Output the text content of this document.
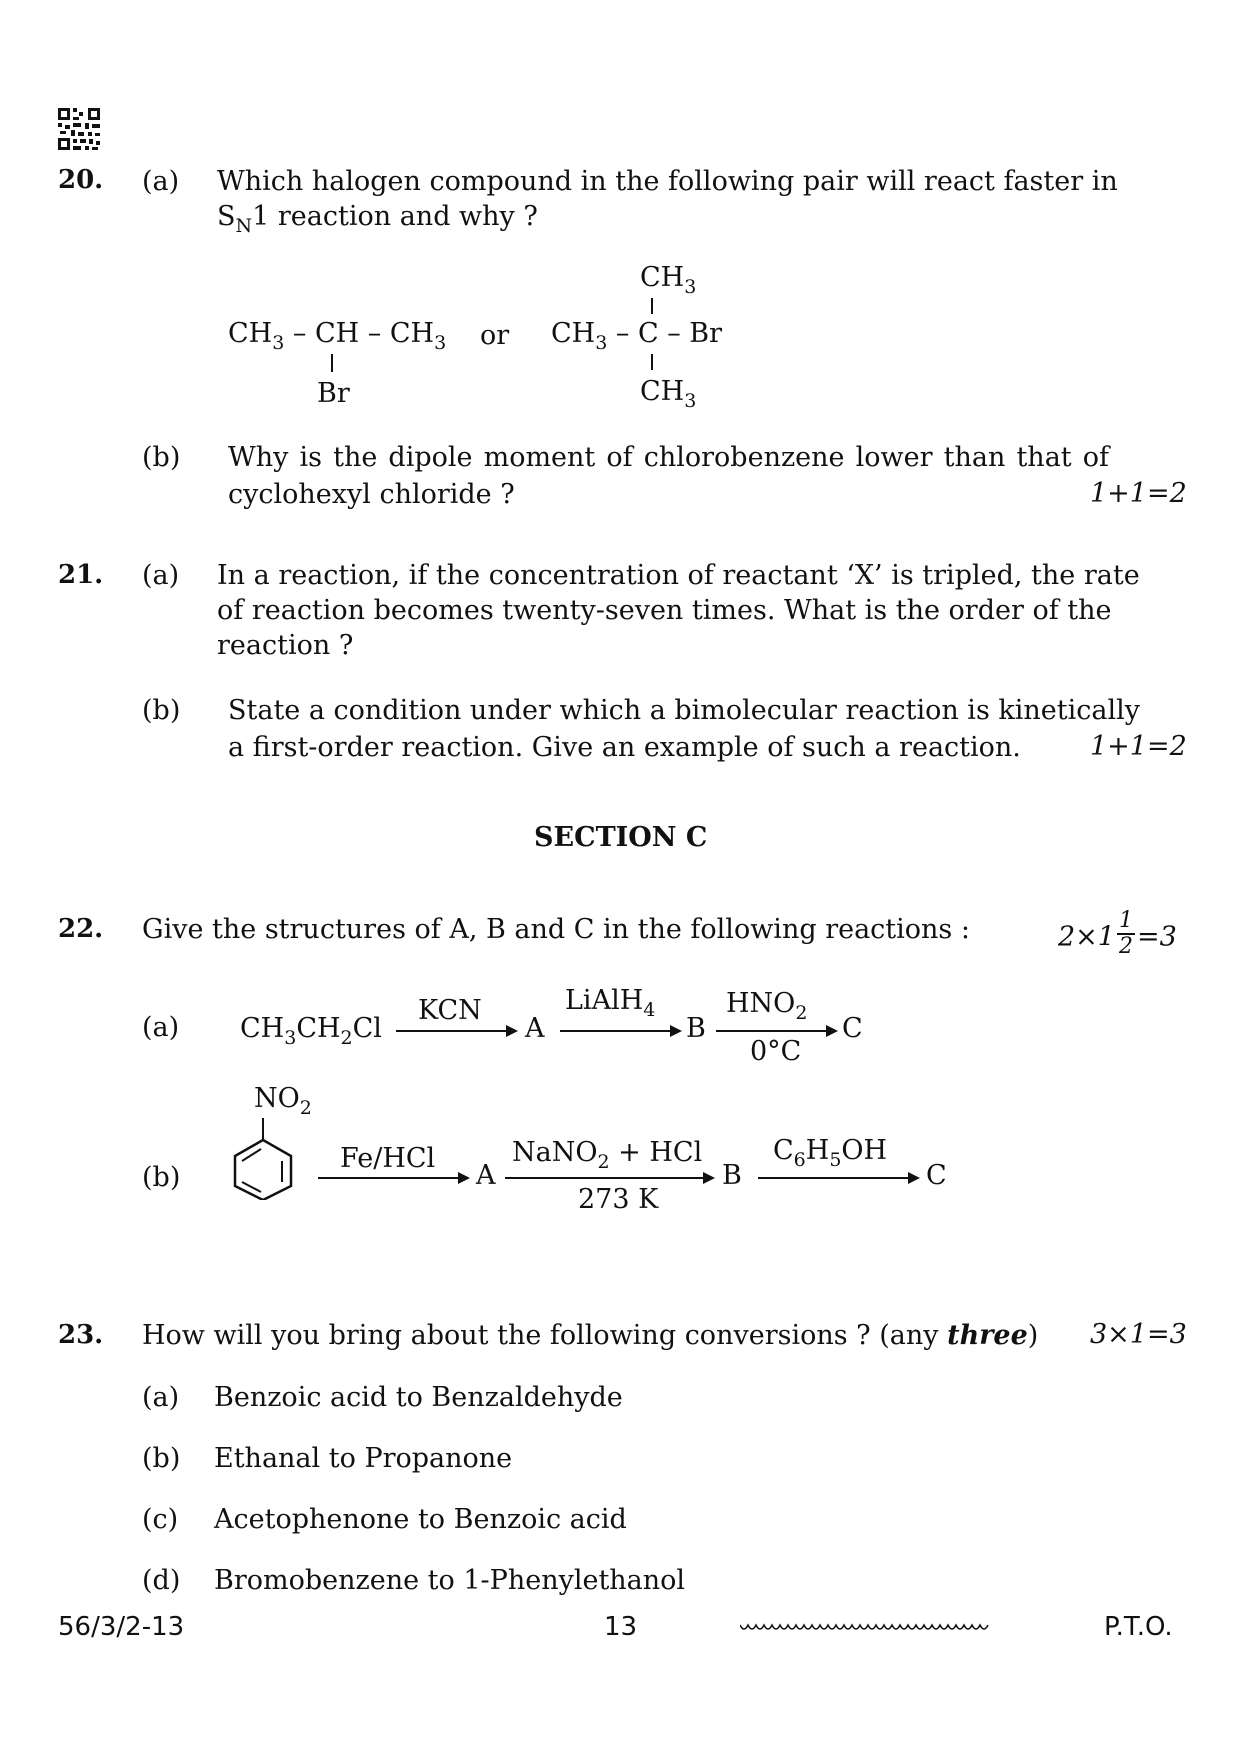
20. (a) Which halogen compound in the following pair will react faster in
$S_N1$ reaction and why ?
$CH_3$ – CH – $CH_3$
Br
or
$CH_3$
$CH_3$ – C – Br
$CH_3$
(b) Why is the dipole moment of chlorobenzene lower than that of
cyclohexyl chloride ?	1+1=2
21. (a) In a reaction, if the concentration of reactant ‘X’ is tripled, the rate
of reaction becomes twenty-seven times. What is the order of the
reaction ?
(b) State a condition under which a bimolecular reaction is kinetically
a first-order reaction. Give an example of such a reaction.	1+1=2
SECTION C
22. Give the structures of A, B and C in the following reactions :	$2\times 1 \frac{1}{2} =3$
(a) $CH_3CH_2Cl$
KCN
A
LiAlH$_4$
B
$HNO_2$
0°C
C
(b)
$NO_2$
Fe/HCl
A
NaNO$_2$ + HCl
273 K
B
$C_6H_5OH$
C
23. How will you bring about the following conversions ? (any three) 3×1=3
(a) Benzoic acid to Benzaldehyde
(b) Ethanal to Propanone
(c) Acetophenone to Benzoic acid
(d) Bromobenzene to 1-Phenylethanol
56/3/2-13	13	P.T.O.
